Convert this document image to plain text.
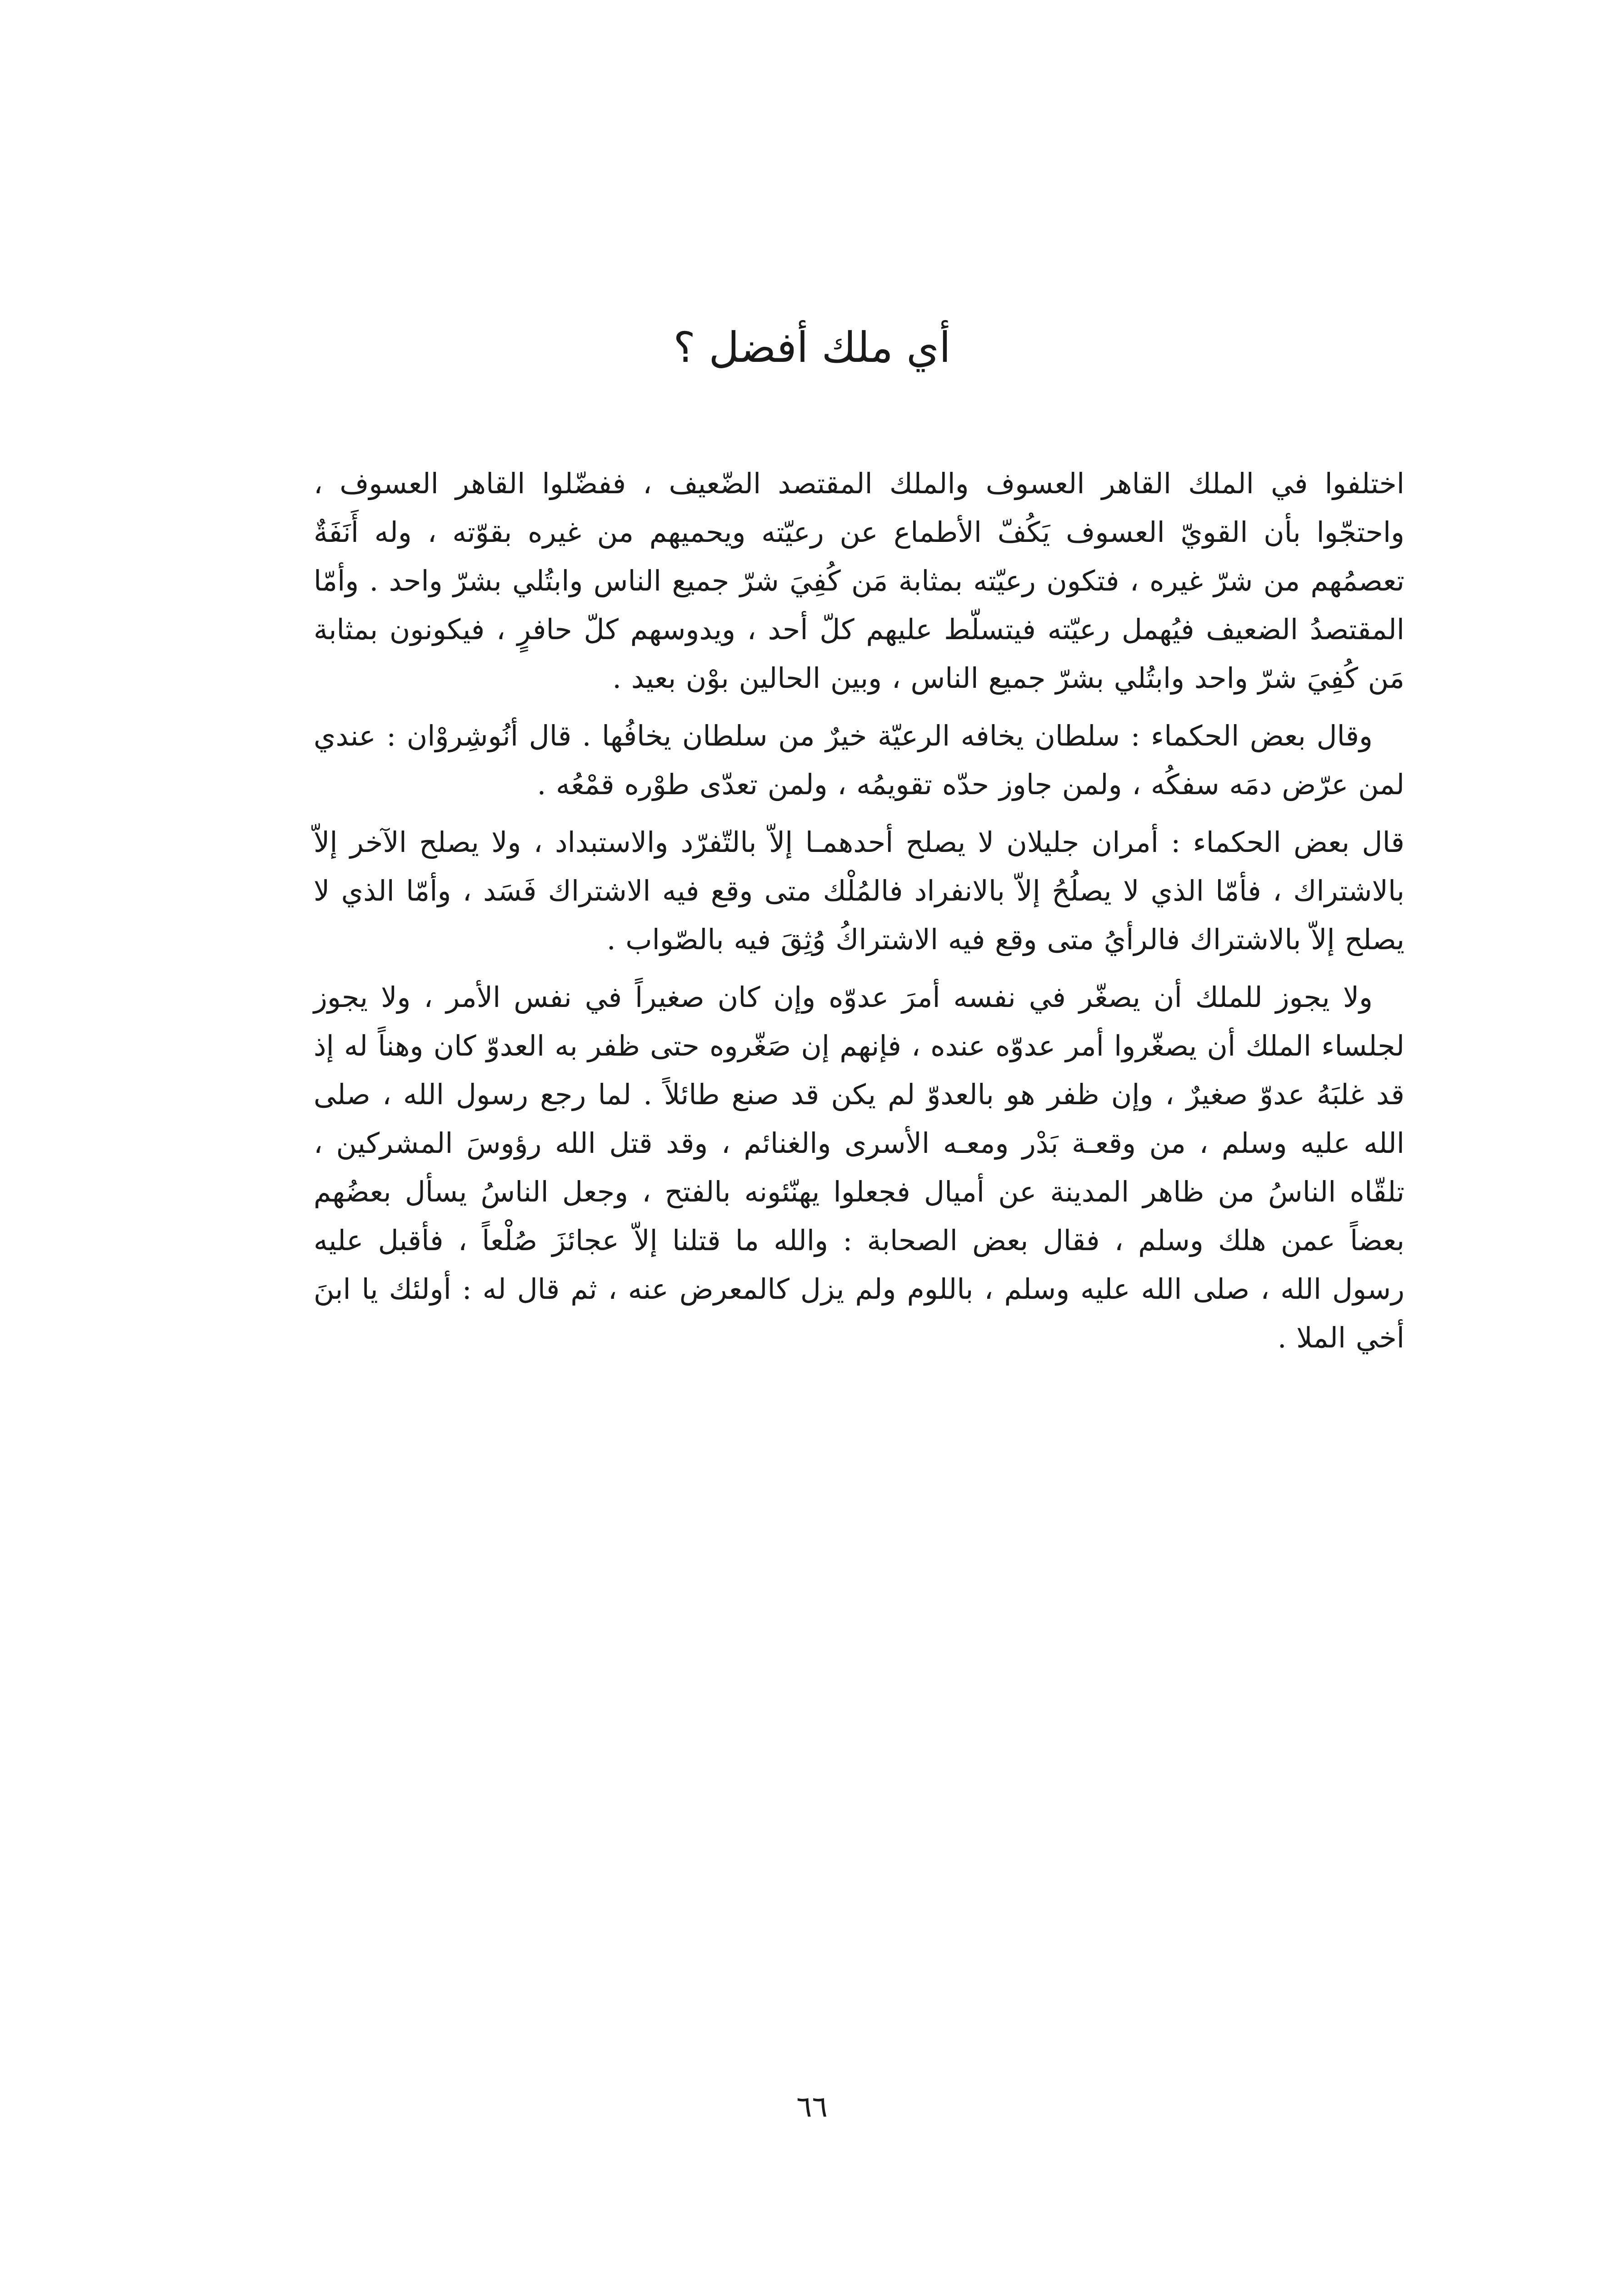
أي ملك أفضل ؟

اختلفوا في الملك القاهر العسوف والملك المقتصد الضّعيف ، ففضّلوا القاهر العسوف ، واحتجّوا بأن القويّ العسوف يَكُفّ الأطماع عن رعيّته ويحميهم من غيره بقوّته ، وله أَنَفَةٌ تعصمُهم من شرّ غيره ، فتكون رعيّته بمثابة مَن كُفِيَ شرّ جميع الناس وابتُلي بشرّ واحد . وأمّا المقتصدُ الضعيف فيُهمل رعيّته فيتسلّط عليهم كلّ أحد ، ويدوسهم كلّ حافرٍ ، فيكونون بمثابة مَن كُفِيَ شرّ واحد وابتُلي بشرّ جميع الناس ، وبين الحالين بوْن بعيد .

وقال بعض الحكماء : سلطان يخافه الرعيّة خيرٌ من سلطان يخافُها . قال أنُوشِروْان : عندي لمن عرّض دمَه سفكُه ، ولمن جاوز حدّه تقويمُه ، ولمن تعدّى طوْره قمْعُه .

قال بعض الحكماء : أمران جليلان لا يصلح أحدهمـا إلاّ بالتّفرّد والاستبداد ، ولا يصلح الآخر إلاّ بالاشتراك ، فأمّا الذي لا يصلُحُ إلاّ بالانفراد فالمُلْك متى وقع فيه الاشتراك فَسَد ، وأمّا الذي لا يصلح إلاّ بالاشتراك فالرأيُ متى وقع فيه الاشتراكُ وُثِقَ فيه بالصّواب .

ولا يجوز للملك أن يصغّر في نفسه أمرَ عدوّه وإن كان صغيراً في نفس الأمر ، ولا يجوز لجلساء الملك أن يصغّروا أمر عدوّه عنده ، فإنهم إن صَغّروه حتى ظفر به العدوّ كان وهناً له إذ قد غلبَهُ عدوّ صغيرٌ ، وإن ظفر هو بالعدوّ لم يكن قد صنع طائلاً . لما رجع رسول الله ، صلى الله عليه وسلم ، من وقعـة بَدْر ومعـه الأسرى والغنائم ، وقد قتل الله رؤوسَ المشركين ، تلقّاه الناسُ من ظاهر المدينة عن أميال فجعلوا يهنّئونه بالفتح ، وجعل الناسُ يسأل بعضُهم بعضاً عمن هلك وسلم ، فقال بعض الصحابة : والله ما قتلنا إلاّ عجائزَ صُلْعاً ، فأقبل عليه رسول الله ، صلى الله عليه وسلم ، باللوم ولم يزل كالمعرض عنه ، ثم قال له : أولئك يا ابنَ أخي الملا .

٦٦
